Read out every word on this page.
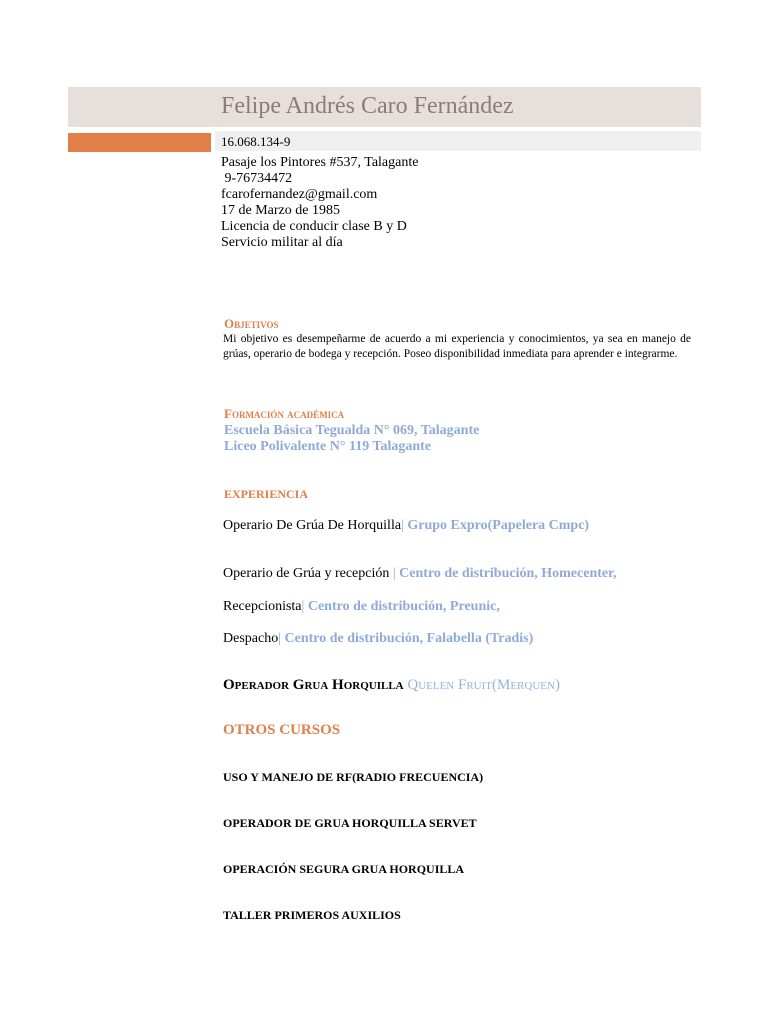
Felipe Andrés Caro Fernández
16.068.134-9
Pasaje los Pintores #537, Talagante
9-76734472
fcarofernandez@gmail.com
17 de Marzo de 1985
Licencia de conducir clase B y D
Servicio militar al día
Objetivos
Mi objetivo es desempeñarme de acuerdo a mi experiencia y conocimientos, ya sea en manejo de grúas, operario de bodega y recepción. Poseo disponibilidad inmediata para aprender e integrarme.
Formación académica
Escuela Básica Tegualda N° 069, Talagante
Liceo Polivalente N° 119 Talagante
EXPERIENCIA
Operario De Grúa De Horquilla| Grupo Expro(Papelera Cmpc)
Operario de Grúa y recepción | Centro de distribución, Homecenter,
Recepcionista| Centro de distribución, Preunic,
Despacho| Centro de distribución, Falabella (Tradis)
Operador Grua Horquilla Quelen Fruit(Merquen)
OTROS CURSOS
USO Y MANEJO DE RF(RADIO FRECUENCIA)
OPERADOR DE GRUA HORQUILLA SERVET
OPERACIÓN SEGURA GRUA HORQUILLA
TALLER PRIMEROS AUXILIOS
